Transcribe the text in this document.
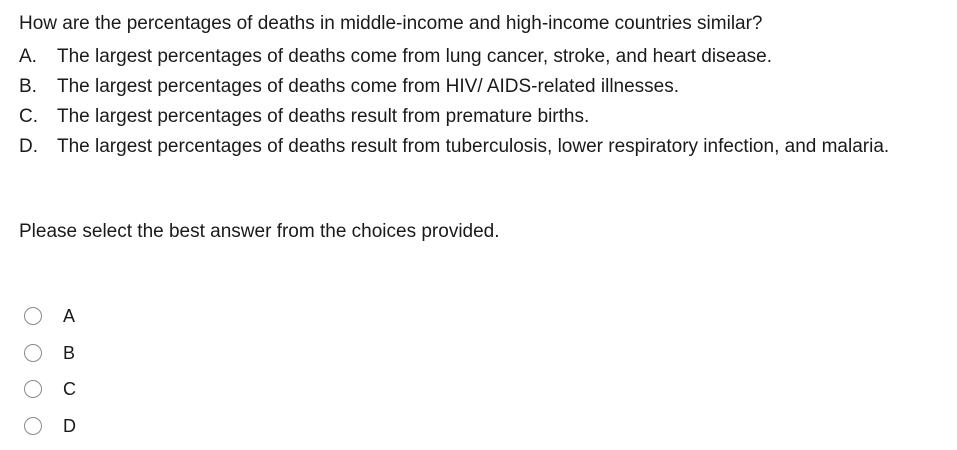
How are the percentages of deaths in middle-income and high-income countries similar?
A.	The largest percentages of deaths come from lung cancer, stroke, and heart disease.
B.	The largest percentages of deaths come from HIV/ AIDS-related illnesses.
C.	The largest percentages of deaths result from premature births.
D.	The largest percentages of deaths result from tuberculosis, lower respiratory infection, and malaria.
Please select the best answer from the choices provided.
A
B
C
D
